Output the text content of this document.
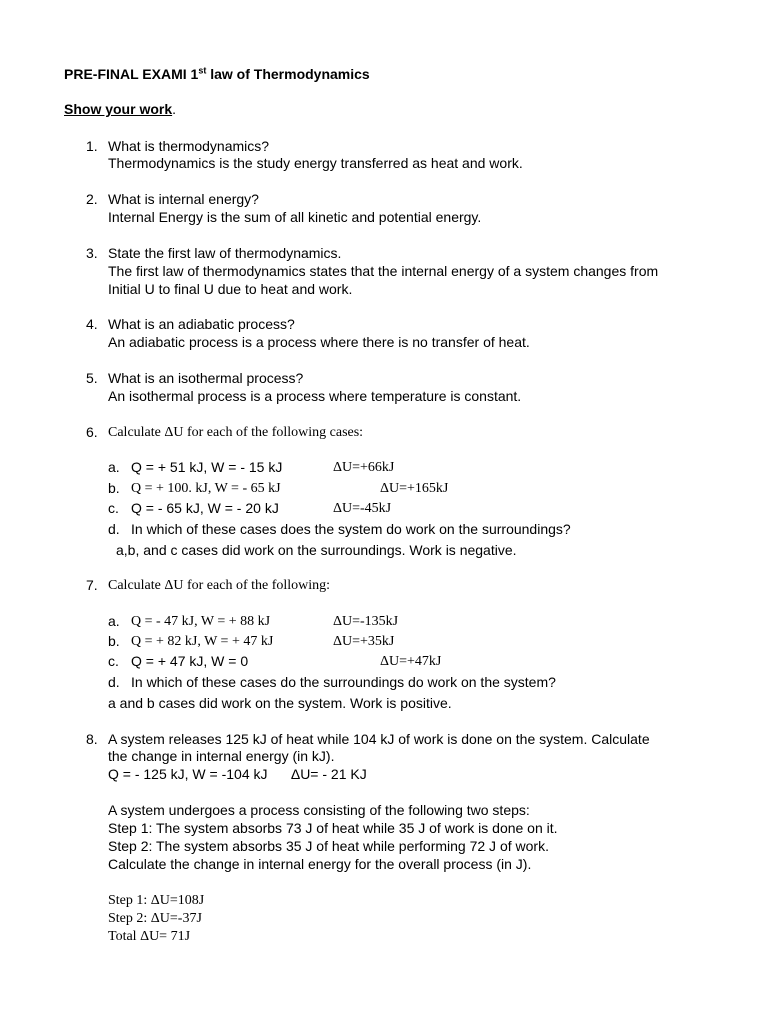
PRE-FINAL EXAMI 1st law of Thermodynamics
Show your work.
1. What is thermodynamics?
Thermodynamics is the study energy transferred as heat and work.
2. What is internal energy?
Internal Energy is the sum of all kinetic and potential energy.
3. State the first law of thermodynamics.
The first law of thermodynamics states that the internal energy of a system changes from
Initial U to final U due to heat and work.
4. What is an adiabatic process?
An adiabatic process is a process where there is no transfer of heat.
5. What is an isothermal process?
An isothermal process is a process where temperature is constant.
6. Calculate ΔU for each of the following cases:
a. Q = + 51 kJ, W = - 15 kJ	ΔU=+66kJ
b. Q = + 100. kJ, W = - 65 kJ	ΔU=+165kJ
c. Q = - 65 kJ, W = - 20 kJ	ΔU=-45kJ
d. In which of these cases does the system do work on the surroundings?
a,b, and c cases did work on the surroundings. Work is negative.
7. Calculate ΔU for each of the following:
a. Q = - 47 kJ, W = + 88 kJ	ΔU=-135kJ
b. Q = + 82 kJ, W = + 47 kJ	ΔU=+35kJ
c. Q = + 47 kJ, W = 0	ΔU=+47kJ
d. In which of these cases do the surroundings do work on the system?
a and b cases did work on the system. Work is positive.
8. A system releases 125 kJ of heat while 104 kJ of work is done on the system. Calculate
the change in internal energy (in kJ).
Q = - 125 kJ, W = -104 kJ      ΔU= - 21 KJ
A system undergoes a process consisting of the following two steps:
Step 1: The system absorbs 73 J of heat while 35 J of work is done on it.
Step 2: The system absorbs 35 J of heat while performing 72 J of work.
Calculate the change in internal energy for the overall process (in J).
Step 1: ΔU=108J
Step 2: ΔU=-37J
Total ΔU= 71J
